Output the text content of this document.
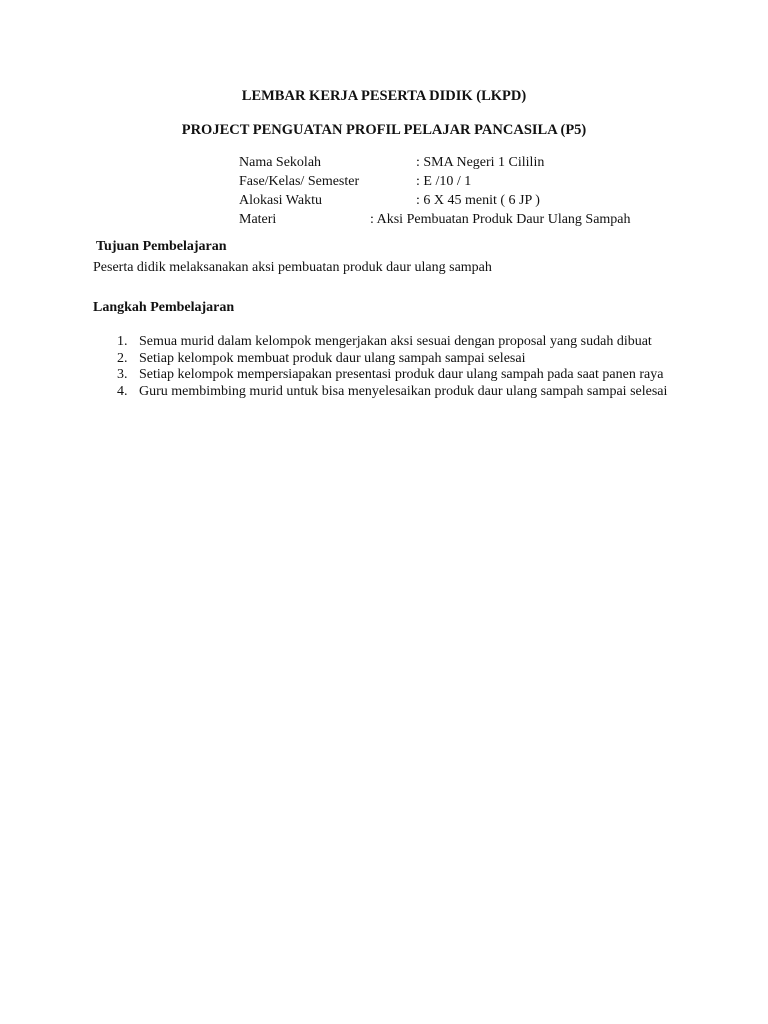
LEMBAR KERJA PESERTA DIDIK (LKPD)
PROJECT PENGUATAN PROFIL PELAJAR PANCASILA (P5)
Nama Sekolah	: SMA Negeri 1 Cililin
Fase/Kelas/ Semester	: E /10 / 1
Alokasi Waktu	: 6 X 45 menit ( 6 JP )
Materi	: Aksi Pembuatan Produk Daur Ulang Sampah
Tujuan Pembelajaran
Peserta didik melaksanakan aksi pembuatan produk daur ulang sampah
Langkah Pembelajaran
1. Semua murid dalam kelompok mengerjakan aksi sesuai dengan proposal yang sudah dibuat
2. Setiap kelompok membuat produk daur ulang sampah sampai selesai
3. Setiap kelompok mempersiapakan presentasi produk daur ulang sampah pada saat panen raya
4. Guru membimbing murid untuk bisa menyelesaikan produk daur ulang sampah sampai selesai
